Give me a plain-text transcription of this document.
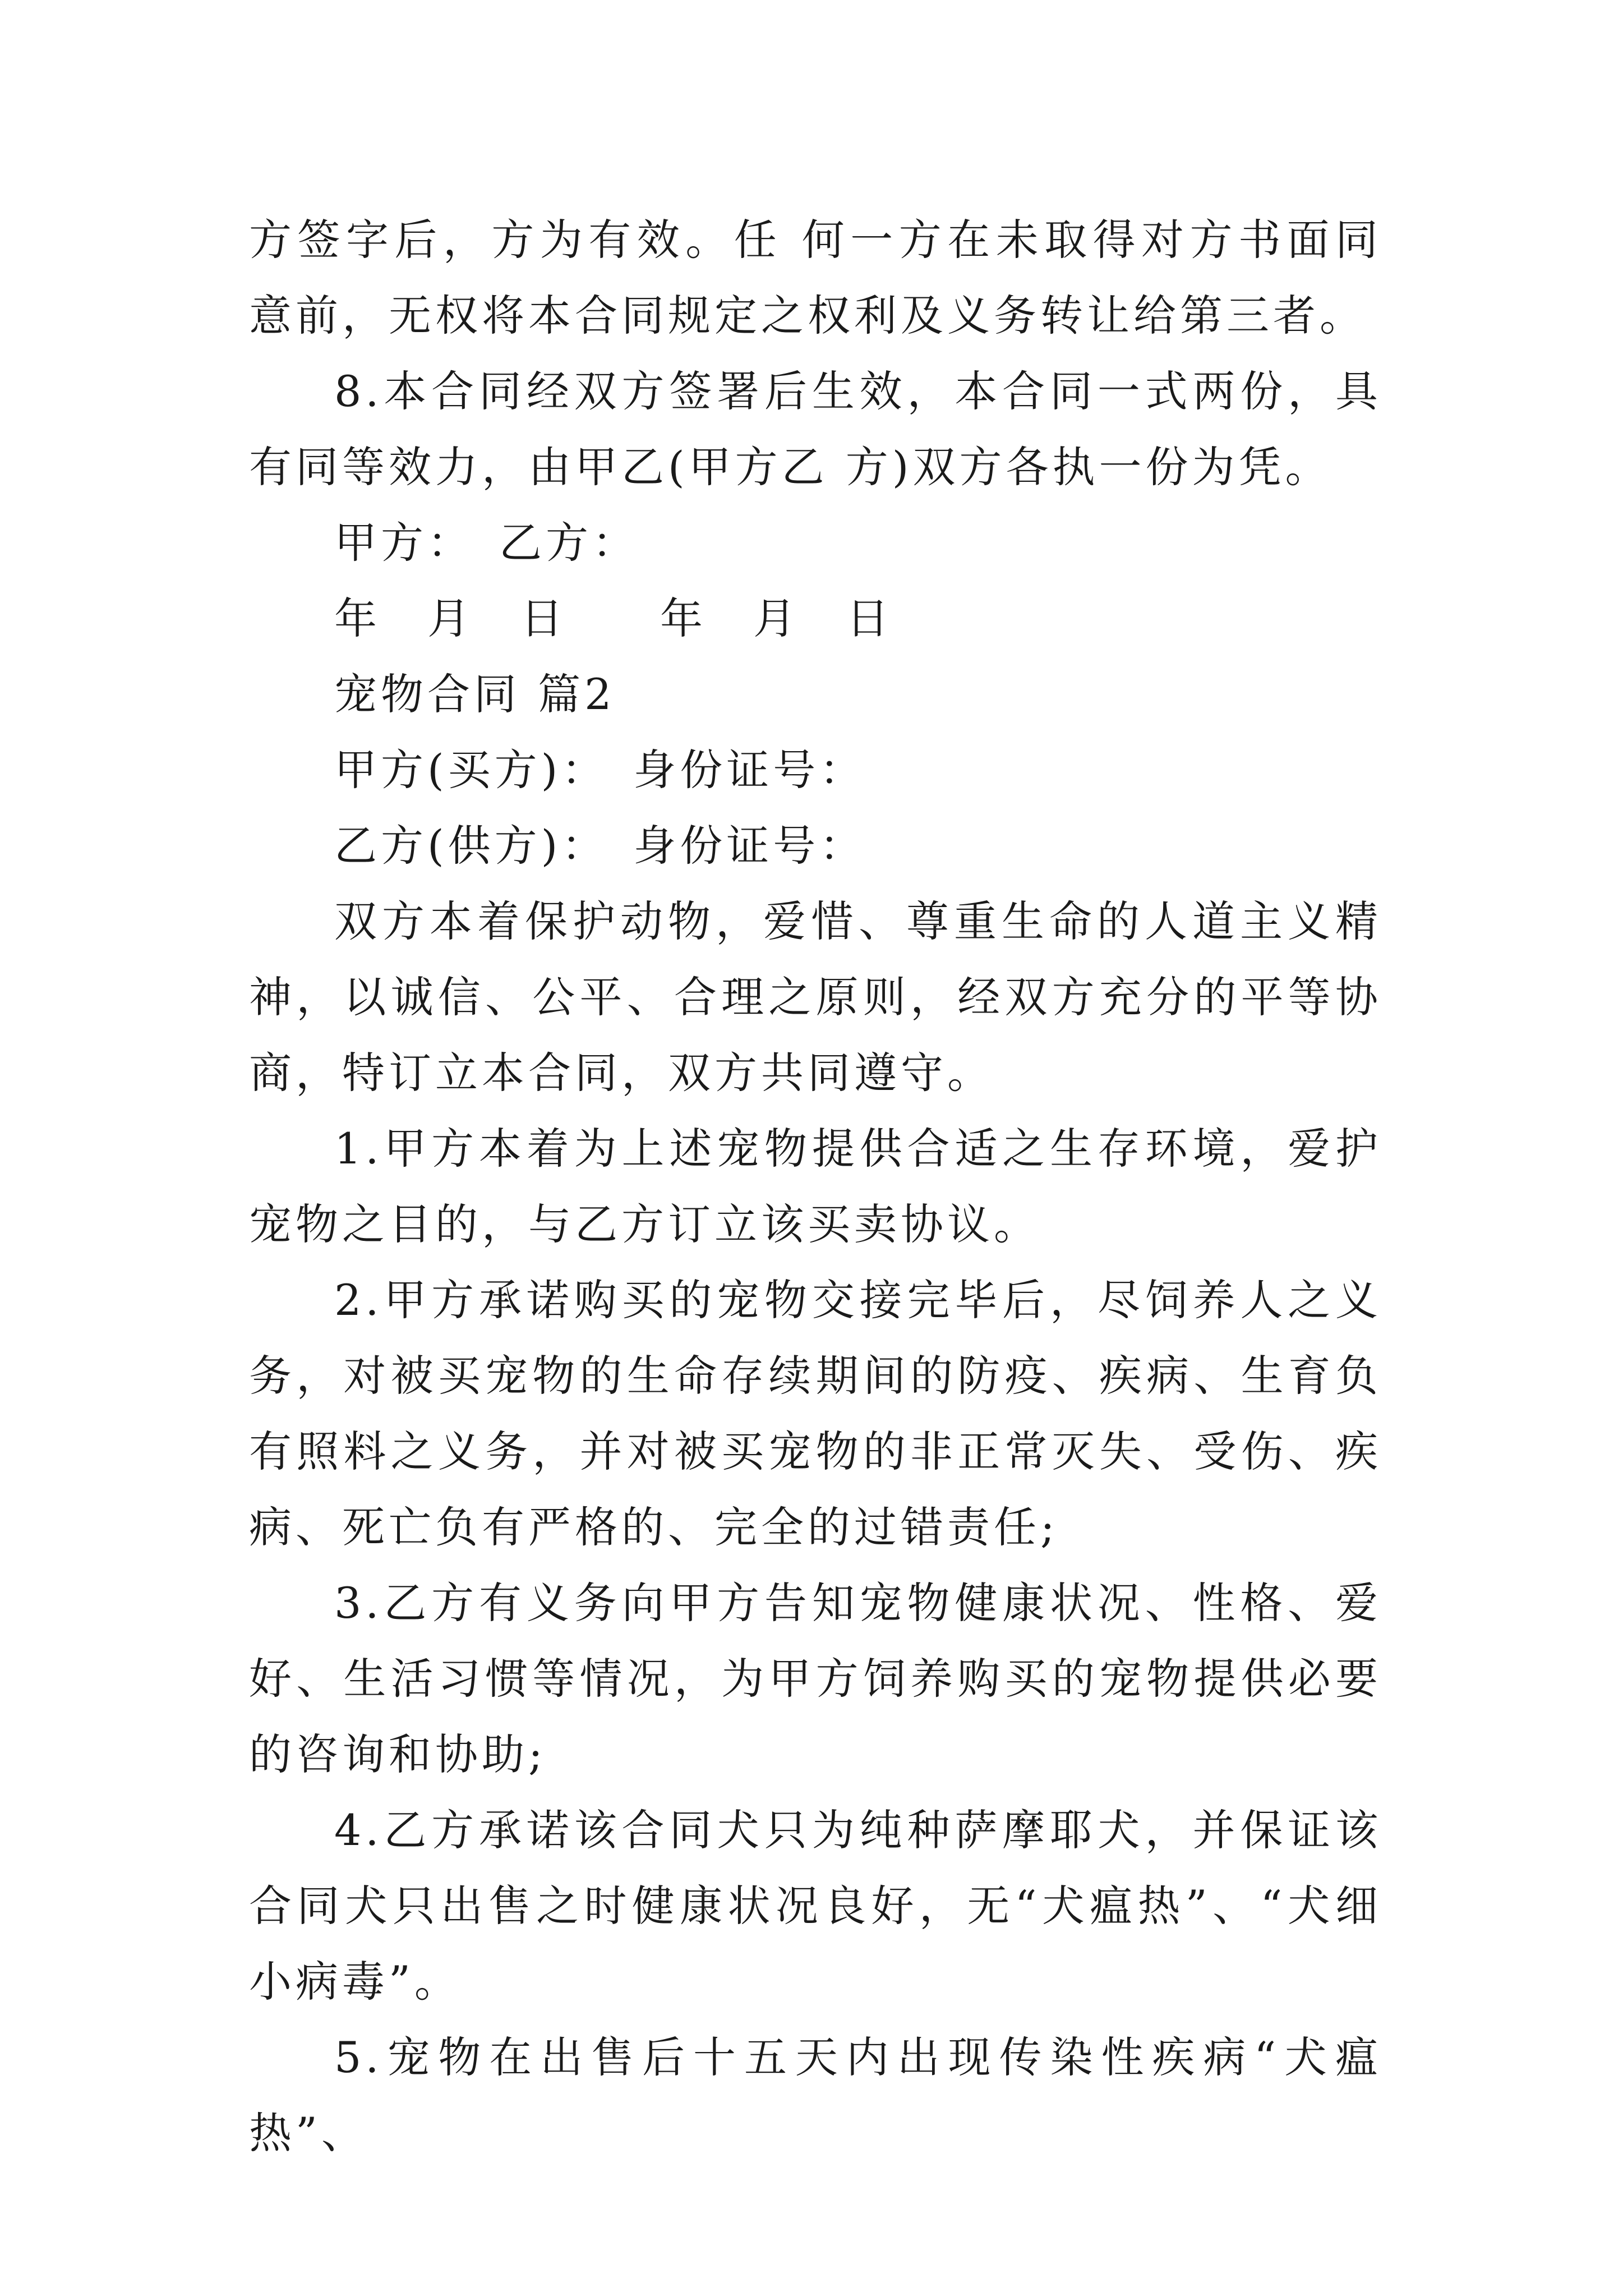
方签字后，方为有效。任 何一方在未取得对方书面同意前，无权将本合同规定之权利及义务转让给第三者。

8.本合同经双方签署后生效，本合同一式两份，具有同等效力，由甲乙(甲方乙 方)双方各执一份为凭。

甲方：　乙方：

年　月　日　　年　月　日

宠物合同 篇2

甲方(买方)：　身份证号：

乙方(供方)：　身份证号：

双方本着保护动物，爱惜、尊重生命的人道主义精神，以诚信、公平、合理之原则，经双方充分的平等协商，特订立本合同，双方共同遵守。

1.甲方本着为上述宠物提供合适之生存环境，爱护宠物之目的，与乙方订立该买卖协议。

2.甲方承诺购买的宠物交接完毕后，尽饲养人之义务，对被买宠物的生命存续期间的防疫、疾病、生育负有照料之义务，并对被买宠物的非正常灭失、受伤、疾病、死亡负有严格的、完全的过错责任;

3.乙方有义务向甲方告知宠物健康状况、性格、爱好、生活习惯等情况，为甲方饲养购买的宠物提供必要的咨询和协助;

4.乙方承诺该合同犬只为纯种萨摩耶犬，并保证该合同犬只出售之时健康状况良好，无“犬瘟热”、“犬细小病毒”。

5.宠物在出售后十五天内出现传染性疾病“犬瘟热”、
